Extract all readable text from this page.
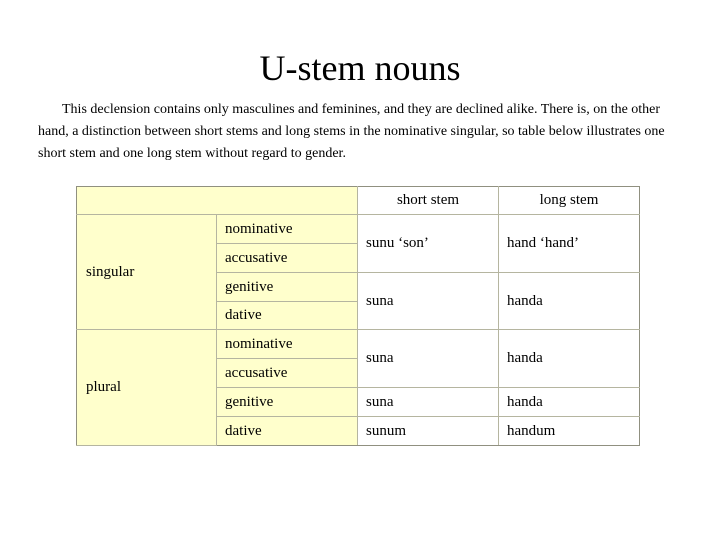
U-stem nouns

This declension contains only masculines and feminines, and they are declined alike. There is, on the other hand, a distinction between short stems and long stems in the nominative singular, so table below illustrates one short stem and one long stem without regard to gender.

		short stem	long stem
singular	nominative	sunu ‘son’	hand ‘hand’
	accusative		
	genitive	suna	handa
	dative		
plural	nominative	suna	handa
	accusative		
	genitive	suna	handa
	dative	sunum	handum
